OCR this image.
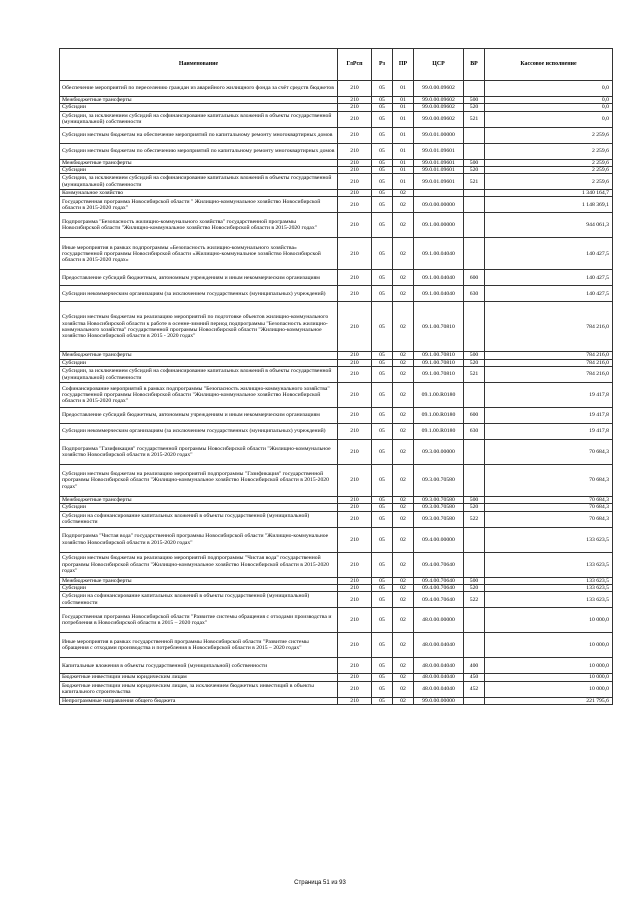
Наименование	ГлРсп	Рз	ПР	ЦСР	ВР	Кассовое исполнение
Обеспечение мероприятий по переселению граждан из аварийного жилищного фонда за счёт средств бюджетов	210	05	01	99.0.00.09602		0,0
Межбюджетные трансферты	210	05	01	99.0.00.09602	500	0,0
Субсидии	210	05	01	99.0.00.09602	520	0,0
Субсидии, за исключением субсидий на софинансирование капитальных вложений в объекты государственной (муниципальной) собственности	210	05	01	99.0.00.09602	521	0,0
Субсидии местным бюджетам на обеспечение мероприятий по капитальному ремонту многоквартирных домов	210	05	01	99.0.01.00000		2 259,6
Субсидии местным бюджетам по обеспечению мероприятий по капитальному ремонту многоквартирных домов	210	05	01	99.0.01.09601		2 259,6
Межбюджетные трансферты	210	05	01	99.0.01.09601	500	2 259,6
Субсидии	210	05	01	99.0.01.09601	520	2 259,6
Субсидии, за исключением субсидий на софинансирование капитальных вложений в объекты государственной (муниципальной) собственности	210	05	01	99.0.01.09601	521	2 259,6
Коммунальное хозяйство	210	05	02			1 340 164,7
Государственная программа Новосибирской области " Жилищно-коммунальное хозяйство Новосибирской области в 2015-2020 годах"	210	05	02	09.0.00.00000		1 148 369,1
Подпрограмма "Безопасность жилищно-коммунального хозяйства" государственной программы Новосибирской области "Жилищно-коммунальное хозяйство Новосибирской области в 2015-2020 годах"	210	05	02	09.1.00.00000		944 061,3
Иные мероприятия в рамках подпрограммы «Безопасность жилищно-коммунального хозяйства» государственной программы Новосибирской области «Жилищно-коммунальное хозяйство Новосибирской области в 2015-2020 годах»	210	05	02	09.1.00.04040		140 427,5
Предоставление субсидий бюджетным, автономным учреждениям и иным некоммерческим организациям	210	05	02	09.1.00.04040	600	140 427,5
Субсидии некоммерческим организациям (за исключением государственных (муниципальных) учреждений)	210	05	02	09.1.00.04040	630	140 427,5
Субсидии местным бюджетам на реализацию мероприятий по подготовке объектов жилищно-коммунального хозяйства Новосибирской области к работе в осенне-зимний период подпрограммы "Безопасность жилищно-коммунального хозяйства" государственной программы Новосибирской области "Жилищно-коммунальное хозяйство Новосибирской области в 2015 - 2020 годах"	210	05	02	09.1.00.70810		784 216,0
Межбюджетные трансферты	210	05	02	09.1.00.70810	500	784 216,0
Субсидии	210	05	02	09.1.00.70810	520	784 216,0
Субсидии, за исключением субсидий на софинансирование капитальных вложений в объекты государственной (муниципальной) собственности	210	05	02	09.1.00.70810	521	784 216,0
Софинансирование мероприятий в рамках подпрограммы "Безопасность жилищно-коммунального хозяйства" государственной программы Новосибирской области "Жилищно-коммунальное хозяйство Новосибирской области в 2015-2020 годах"	210	05	02	09.1.00.R0180		19 417,8
Предоставление субсидий бюджетным, автономным учреждениям и иным некоммерческим организациям	210	05	02	09.1.00.R0180	600	19 417,8
Субсидии некоммерческим организациям (за исключением государственных (муниципальных) учреждений)	210	05	02	09.1.00.R0180	630	19 417,8
Подпрограмма "Газификация" государственной программы Новосибирской области "Жилищно-коммунальное хозяйство Новосибирской области в 2015-2020 годах"	210	05	02	09.3.00.00000		70 684,3
Субсидии местным бюджетам на реализацию мероприятий подпрограммы "Газификация" государственной программы Новосибирской области "Жилищно-коммунальное хозяйство Новосибирской области в 2015-2020 годах"	210	05	02	09.3.00.70580		70 684,3
Межбюджетные трансферты	210	05	02	09.3.00.70580	500	70 684,3
Субсидии	210	05	02	09.3.00.70580	520	70 684,3
Субсидии на софинансирование капитальных вложений в объекты государственной (муниципальной) собственности	210	05	02	09.3.00.70580	522	70 684,3
Подпрограмма "Чистая вода" государственной программы Новосибирской области "Жилищно-коммунальное хозяйство Новосибирской области в 2015-2020 годах"	210	05	02	09.4.00.00000		133 623,5
Субсидии местным бюджетам на реализацию мероприятий подпрограммы "Чистая вода" государственной программы Новосибирской области "Жилищно-коммунальное хозяйство Новосибирской области в 2015-2020 годах"	210	05	02	09.4.00.70640		133 623,5
Межбюджетные трансферты	210	05	02	09.4.00.70640	500	133 623,5
Субсидии	210	05	02	09.4.00.70640	520	133 623,5
Субсидии на софинансирование капитальных вложений в объекты государственной (муниципальной) собственности	210	05	02	09.4.00.70640	522	133 623,5
Государственная программа Новосибирской области "Развитие системы обращения с отходами производства и потребления в Новосибирской области в 2015 – 2020 годах"	210	05	02	48.0.00.00000		10 000,0
Иные мероприятия в рамках государственной программы Новосибирской области "Развитие системы обращения с отходами производства и потребления в Новосибирской области в 2015 – 2020 годах"	210	05	02	48.0.00.04040		10 000,0
Капитальные вложения в объекты государственной (муниципальной) собственности	210	05	02	48.0.00.04040	400	10 000,0
Бюджетные инвестиции иным юридическим лицам	210	05	02	48.0.00.04040	450	10 000,0
Бюджетные инвестиции иным юридическим лицам, за исключением бюджетных инвестиций в объекты капитального строительства	210	05	02	48.0.00.04040	452	10 000,0
Непрограммные направления общего бюджета	210	05	02	99.0.00.00000		221 795,6
Страница 51 из 93
